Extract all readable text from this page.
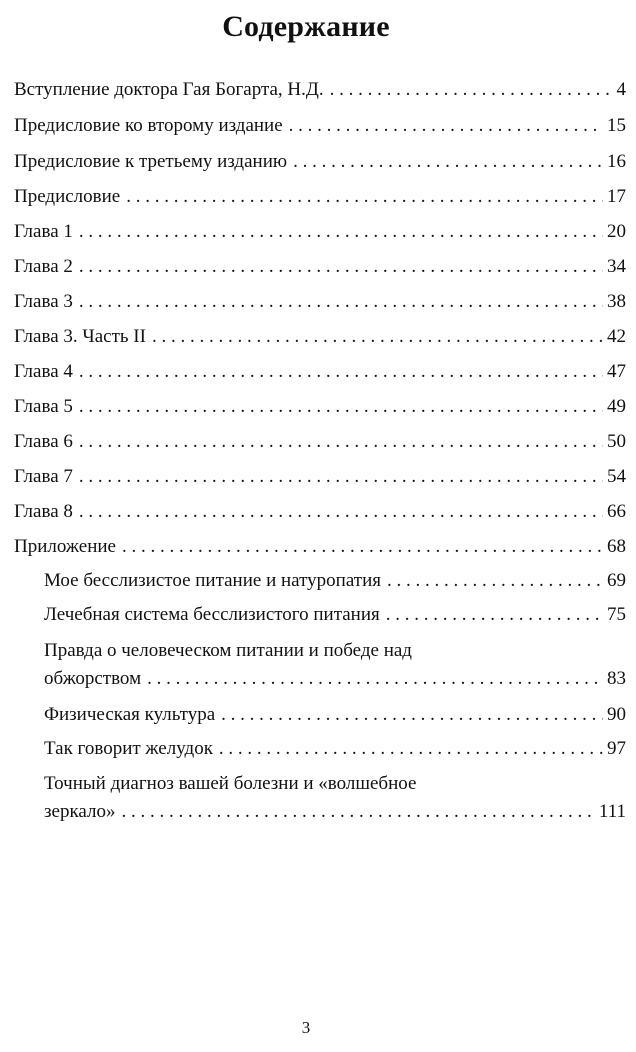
Содержание
Вступление доктора Гая Богарта, Н.Д. . . .	4
Предисловие ко второму издание . . .	15
Предисловие к третьему изданию . . .	16
Предисловие . . .	17
Глава 1 . . .	20
Глава 2 . . .	34
Глава 3 . . .	38
Глава 3. Часть II . . .	42
Глава 4 . . .	47
Глава 5 . . .	49
Глава 6 . . .	50
Глава 7 . . .	54
Глава 8 . . .	66
Приложение . . .	68
Мое бесслизистое питание и натуропатия . . .	69
Лечебная система бесслизистого питания . . .	75
Правда о человеческом питании и победе над
обжорством . . .	83
Физическая культура . . .	90
Так говорит желудок . . .	97
Точный диагноз вашей болезни и «волшебное
зеркало» . . .	111
3
